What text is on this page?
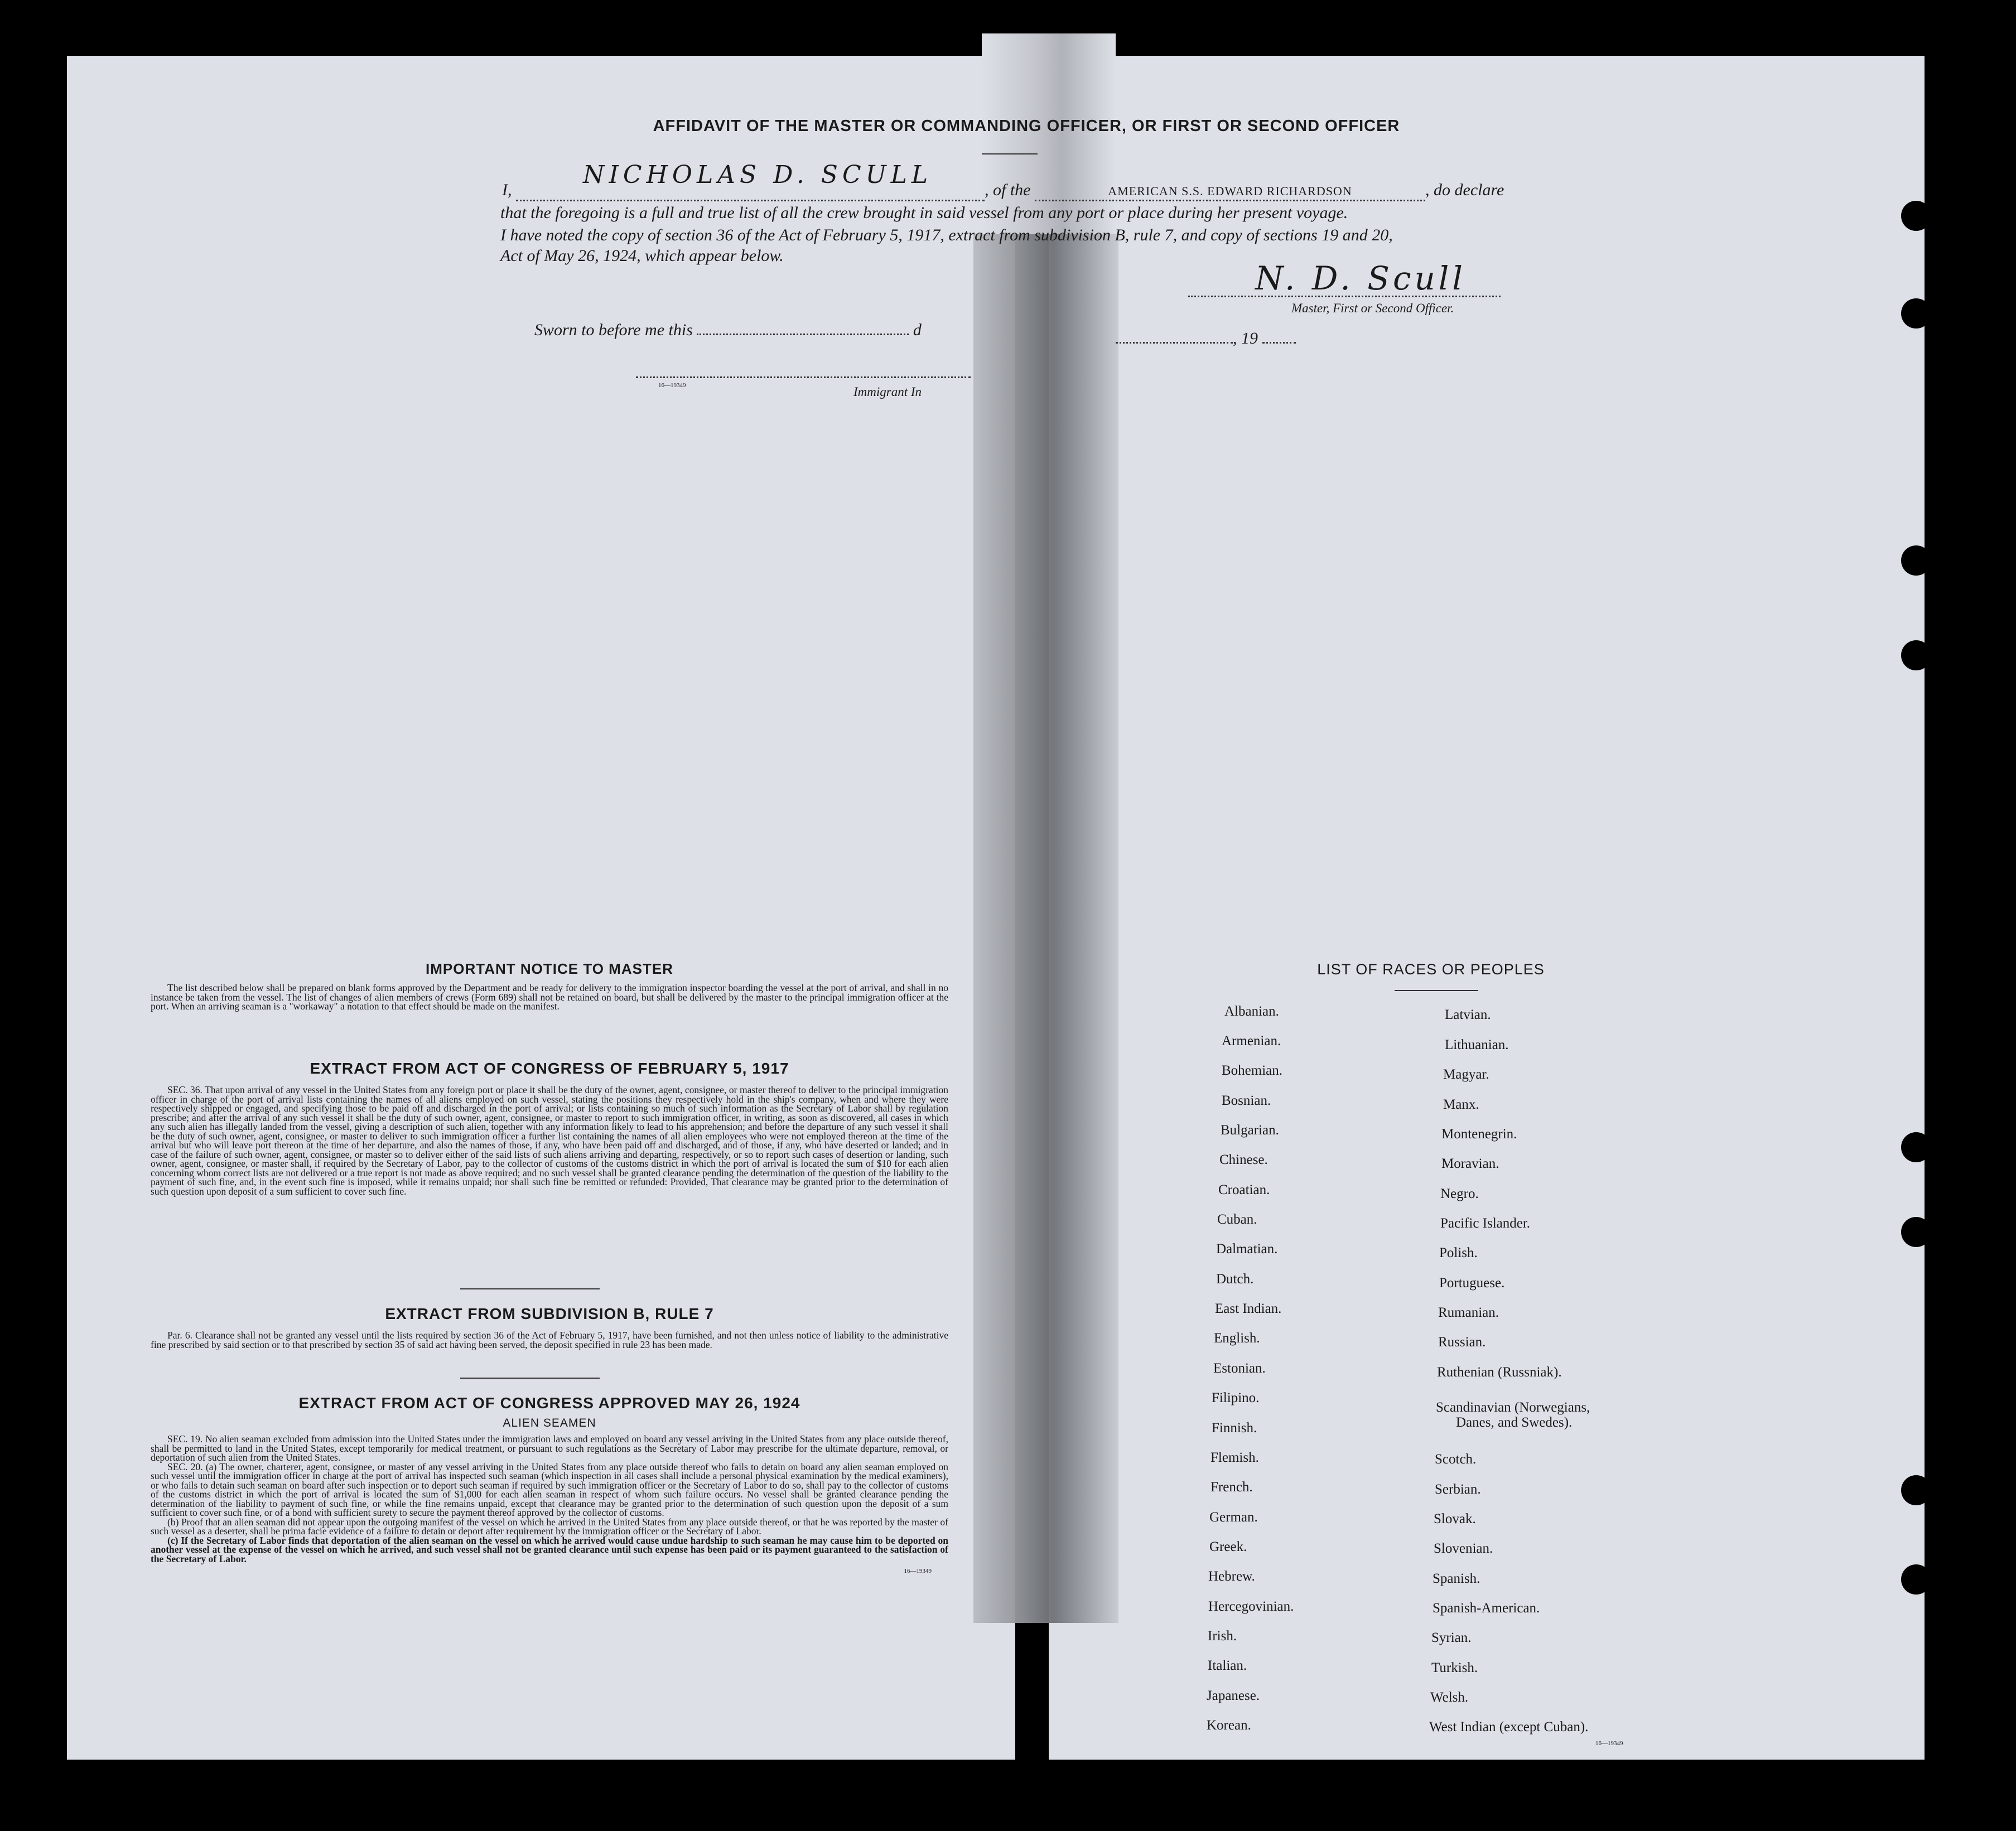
AFFIDAVIT OF THE MASTER OR COMMANDING OFFICER, OR FIRST OR SECOND OFFICER
I,
NICHOLAS D. SCULL
, of the	AMERICAN S.S. EDWARD RICHARDSON	, do declare
that the foregoing is a full and true list of all the crew brought in said vessel from any port or place during her present voyage.
I have noted the copy of section 36 of the Act of February 5, 1917, extract from subdivision B, rule 7, and copy of sections 19 and 20,
Act of May 26, 1924, which appear below.
N. D. Scull
Master, First or Second Officer.
Sworn to before me this	d	, 19
16—19349	Immigrant In
IMPORTANT NOTICE TO MASTER
The list described below shall be prepared on blank forms approved by the Department and be ready for delivery to the immigration inspector boarding the vessel at the port of arrival, and shall in no instance be taken from the vessel. The list of changes of alien members of crews (Form 689) shall not be retained on board, but shall be delivered by the master to the principal immigration officer at the port. When an arriving seaman is a "workaway" a notation to that effect should be made on the manifest.
EXTRACT FROM ACT OF CONGRESS OF FEBRUARY 5, 1917
SEC. 36. That upon arrival of any vessel in the United States from any foreign port or place it shall be the duty of the owner, agent, consignee, or master thereof to deliver to the principal immigration officer in charge of the port of arrival lists containing the names of all aliens employed on such vessel, stating the positions they respectively hold in the ship's company, when and where they were respectively shipped or engaged, and specifying those to be paid off and discharged in the port of arrival; or lists containing so much of such information as the Secretary of Labor shall by regulation prescribe; and after the arrival of any such vessel it shall be the duty of such owner, agent, consignee, or master to report to such immigration officer, in writing, as soon as discovered, all cases in which any such alien has illegally landed from the vessel, giving a description of such alien, together with any information likely to lead to his apprehension; and before the departure of any such vessel it shall be the duty of such owner, agent, consignee, or master to deliver to such immigration officer a further list containing the names of all alien employees who were not employed thereon at the time of the arrival but who will leave port thereon at the time of her departure, and also the names of those, if any, who have been paid off and discharged, and of those, if any, who have deserted or landed; and in case of the failure of such owner, agent, consignee, or master so to deliver either of the said lists of such aliens arriving and departing, respectively, or so to report such cases of desertion or landing, such owner, agent, consignee, or master shall, if required by the Secretary of Labor, pay to the collector of customs of the customs district in which the port of arrival is located the sum of $10 for each alien concerning whom correct lists are not delivered or a true report is not made as above required; and no such vessel shall be granted clearance pending the determination of the question of the liability to the payment of such fine, and, in the event such fine is imposed, while it remains unpaid; nor shall such fine be remitted or refunded: Provided, That clearance may be granted prior to the determination of such question upon deposit of a sum sufficient to cover such fine.
EXTRACT FROM SUBDIVISION B, RULE 7
Par. 6. Clearance shall not be granted any vessel until the lists required by section 36 of the Act of February 5, 1917, have been furnished, and not then unless notice of liability to the administrative fine prescribed by said section or to that prescribed by section 35 of said act having been served, the deposit specified in rule 23 has been made.
EXTRACT FROM ACT OF CONGRESS APPROVED MAY 26, 1924
ALIEN SEAMEN
SEC. 19. No alien seaman excluded from admission into the United States under the immigration laws and employed on board any vessel arriving in the United States from any place outside thereof, shall be permitted to land in the United States, except temporarily for medical treatment, or pursuant to such regulations as the Secretary of Labor may prescribe for the ultimate departure, removal, or deportation of such alien from the United States.
SEC. 20. (a) The owner, charterer, agent, consignee, or master of any vessel arriving in the United States from any place outside thereof who fails to detain on board any alien seaman employed on such vessel until the immigration officer in charge at the port of arrival has inspected such seaman (which inspection in all cases shall include a personal physical examination by the medical examiners), or who fails to detain such seaman on board after such inspection or to deport such seaman if required by such immigration officer or the Secretary of Labor to do so, shall pay to the collector of customs of the customs district in which the port of arrival is located the sum of $1,000 for each alien seaman in respect of whom such failure occurs. No vessel shall be granted clearance pending the determination of the liability to payment of such fine, or while the fine remains unpaid, except that clearance may be granted prior to the determination of such question upon the deposit of a sum sufficient to cover such fine, or of a bond with sufficient surety to secure the payment thereof approved by the collector of customs.
(b) Proof that an alien seaman did not appear upon the outgoing manifest of the vessel on which he arrived in the United States from any place outside thereof, or that he was reported by the master of such vessel as a deserter, shall be prima facie evidence of a failure to detain or deport after requirement by the immigration officer or the Secretary of Labor.
(c) If the Secretary of Labor finds that deportation of the alien seaman on the vessel on which he arrived would cause undue hardship to such seaman he may cause him to be deported on another vessel at the expense of the vessel on which he arrived, and such vessel shall not be granted clearance until such expense has been paid or its payment guaranteed to the satisfaction of the Secretary of Labor.
16—19349
LIST OF RACES OR PEOPLES
Albanian.
Armenian.
Bohemian.
Bosnian.
Bulgarian.
Chinese.
Croatian.
Cuban.
Dalmatian.
Dutch.
East Indian.
English.
Estonian.
Filipino.
Finnish.
Flemish.
French.
German.
Greek.
Hebrew.
Hercegovinian.
Irish.
Italian.
Japanese.
Korean.
Latvian.
Lithuanian.
Magyar.
Manx.
Montenegrin.
Moravian.
Negro.
Pacific Islander.
Polish.
Portuguese.
Rumanian.
Russian.
Ruthenian (Russniak).
Scandinavian (Norwegians,
Danes, and Swedes).
Scotch.
Serbian.
Slovak.
Slovenian.
Spanish.
Spanish-American.
Syrian.
Turkish.
Welsh.
West Indian (except Cuban).
16—19349
